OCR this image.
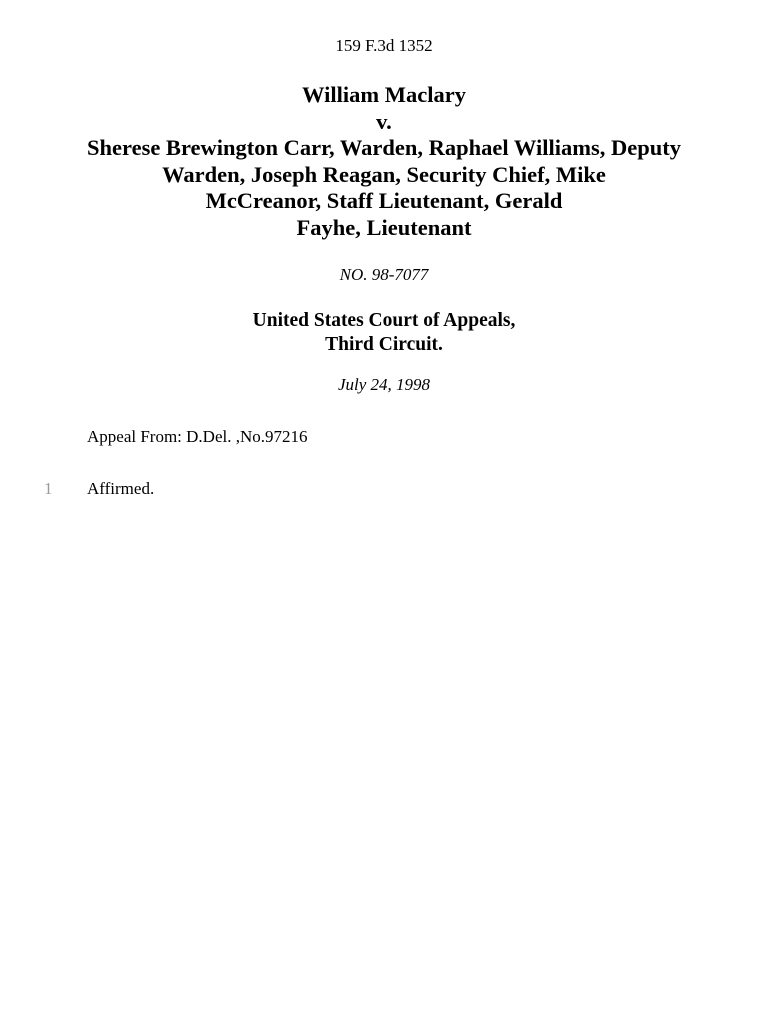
159 F.3d 1352
William Maclary
v.
Sherese Brewington Carr, Warden, Raphael Williams, Deputy
Warden, Joseph Reagan, Security Chief, Mike
McCreanor, Staff Lieutenant, Gerald
Fayhe, Lieutenant
NO. 98-7077
United States Court of Appeals,
Third Circuit.
July 24, 1998
Appeal From: D.Del. ,No.97216
1 Affirmed.
